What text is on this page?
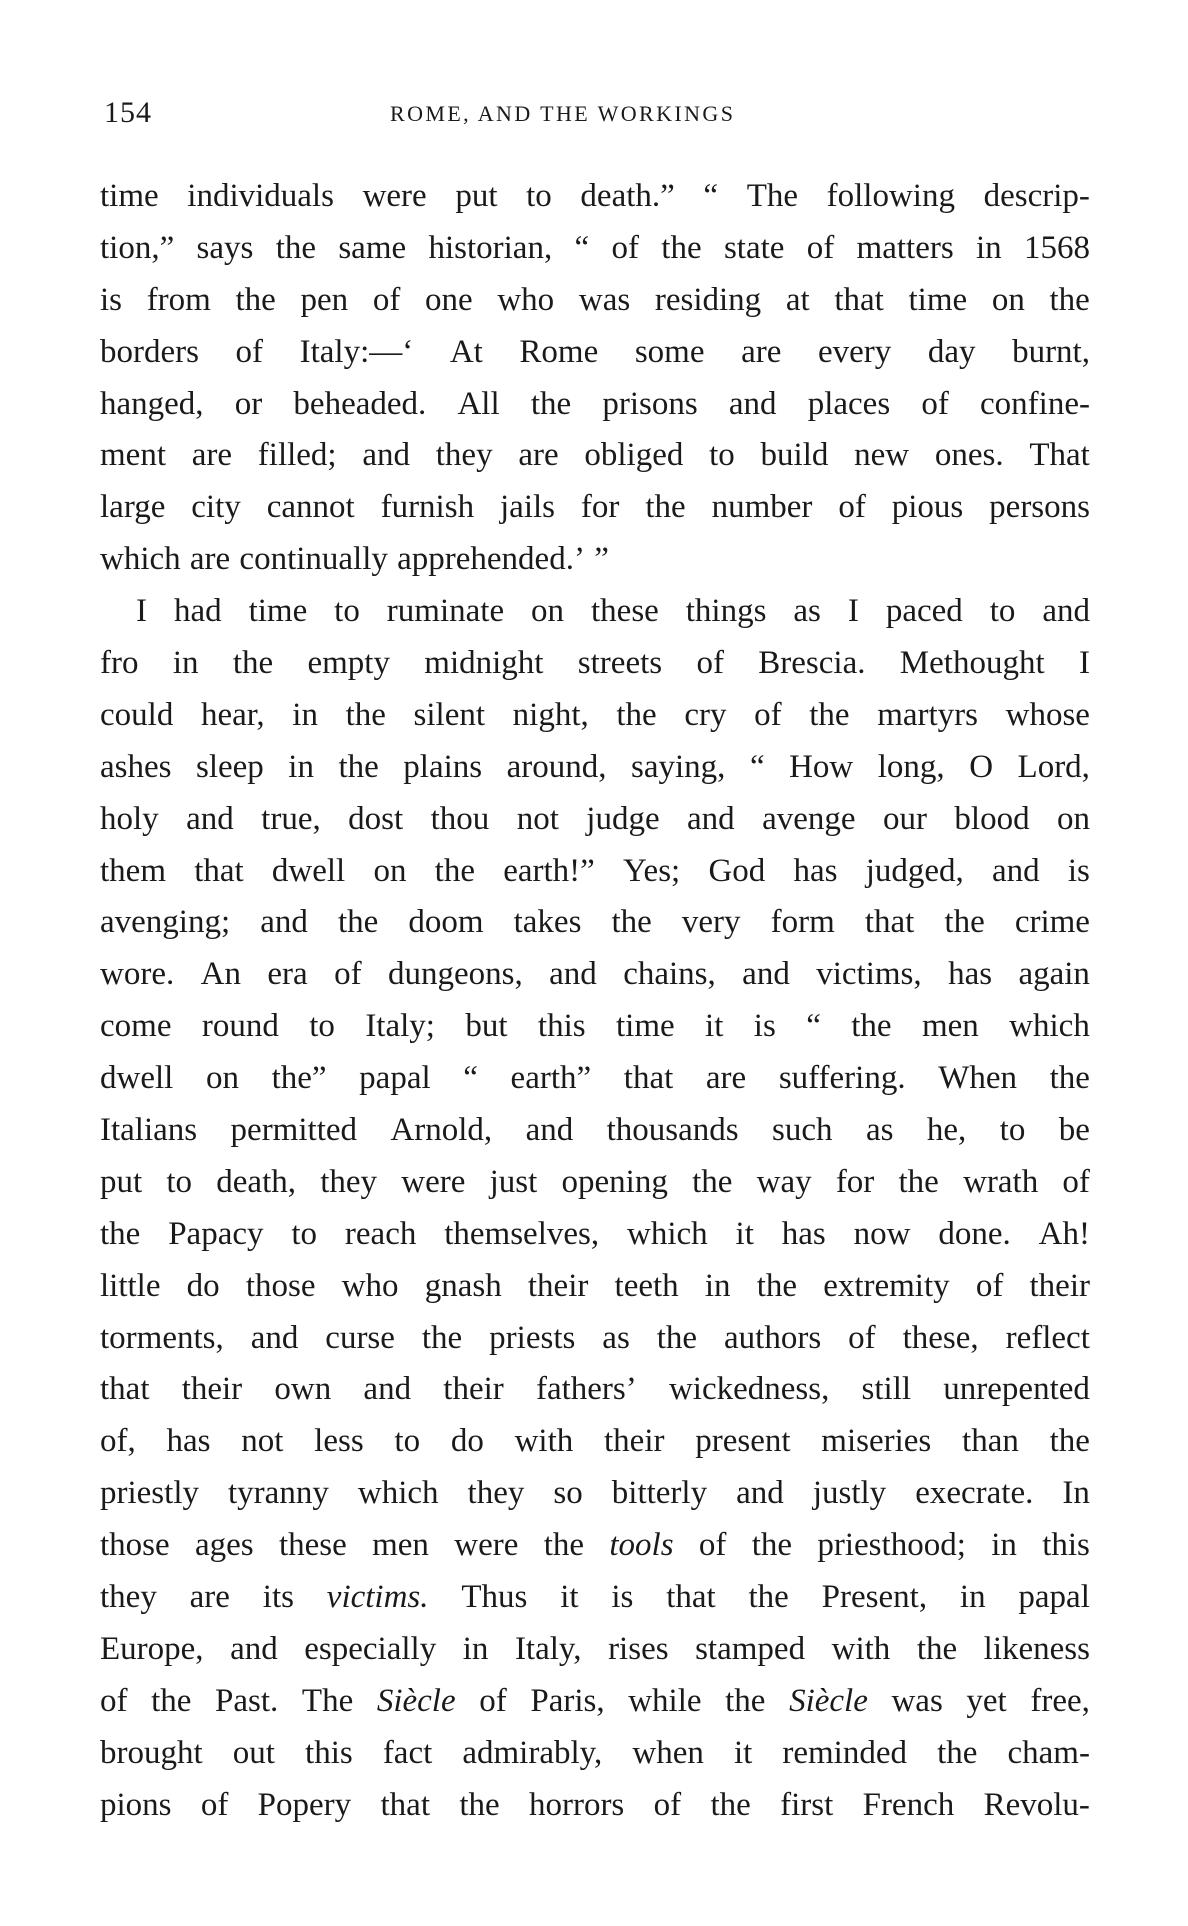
154	ROME, AND THE WORKINGS
time individuals were put to death.” “ The following descrip-
tion,” says the same historian, “ of the state of matters in 1568
is from the pen of one who was residing at that time on the
borders of Italy:—‘ At Rome some are every day burnt,
hanged, or beheaded. All the prisons and places of confine-
ment are filled; and they are obliged to build new ones. That
large city cannot furnish jails for the number of pious persons
which are continually apprehended.’ ”
I had time to ruminate on these things as I paced to and
fro in the empty midnight streets of Brescia. Methought I
could hear, in the silent night, the cry of the martyrs whose
ashes sleep in the plains around, saying, “ How long, O Lord,
holy and true, dost thou not judge and avenge our blood on
them that dwell on the earth!” Yes; God has judged, and is
avenging; and the doom takes the very form that the crime
wore. An era of dungeons, and chains, and victims, has again
come round to Italy; but this time it is “ the men which
dwell on the” papal “ earth” that are suffering. When the
Italians permitted Arnold, and thousands such as he, to be
put to death, they were just opening the way for the wrath of
the Papacy to reach themselves, which it has now done. Ah!
little do those who gnash their teeth in the extremity of their
torments, and curse the priests as the authors of these, reflect
that their own and their fathers’ wickedness, still unrepented
of, has not less to do with their present miseries than the
priestly tyranny which they so bitterly and justly execrate. In
those ages these men were the tools of the priesthood; in this
they are its victims. Thus it is that the Present, in papal
Europe, and especially in Italy, rises stamped with the likeness
of the Past. The Siècle of Paris, while the Siècle was yet free,
brought out this fact admirably, when it reminded the cham-
pions of Popery that the horrors of the first French Revolu-
